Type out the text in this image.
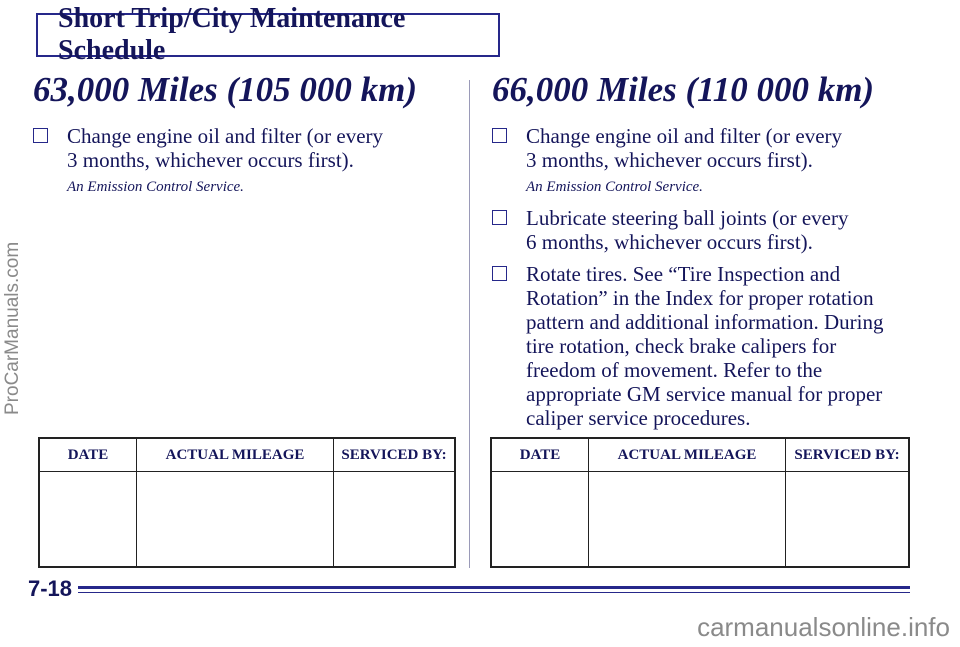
Short Trip/City Maintenance Schedule
63,000 Miles (105 000 km)
Change engine oil and filter (or every
3 months, whichever occurs first).
An Emission Control Service.
66,000 Miles (110 000 km)
Change engine oil and filter (or every
3 months, whichever occurs first).
An Emission Control Service.
Lubricate steering ball joints (or every
6 months, whichever occurs first).
Rotate tires. See “Tire Inspection and
Rotation” in the Index for proper rotation
pattern and additional information. During
tire rotation, check brake calipers for
freedom of movement. Refer to the
appropriate GM service manual for proper
caliper service procedures.
DATE	ACTUAL MILEAGE	SERVICED BY:
			DATE	ACTUAL MILEAGE	SERVICED BY:

7-18
ProCarManuals.com
carmanualsonline.info
